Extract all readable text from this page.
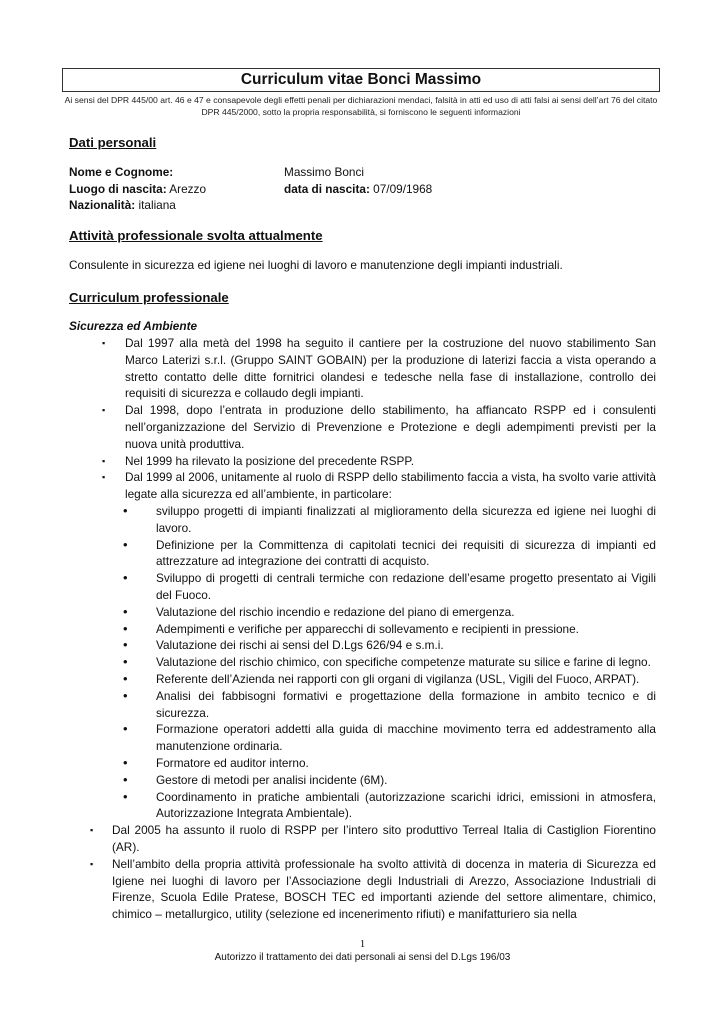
Curriculum vitae Bonci Massimo
Ai sensi del DPR 445/00 art. 46 e 47 e consapevole degli effetti penali per dichiarazioni mendaci, falsità in atti ed uso di atti falsi ai sensi dell’art 76 del citato DPR 445/2000, sotto la propria responsabilità, si forniscono le seguenti informazioni
Dati personali
Nome e Cognome:	Massimo Bonci
Luogo di nascita: Arezzo	data di nascita: 07/09/1968
Nazionalità: italiana
Attività professionale svolta attualmente
Consulente in sicurezza ed igiene nei luoghi di lavoro e manutenzione degli impianti industriali.
Curriculum professionale
Sicurezza ed Ambiente
▪ Dal 1997 alla metà del 1998 ha seguito il cantiere per la costruzione del nuovo stabilimento San Marco Laterizi s.r.l. (Gruppo SAINT GOBAIN) per la produzione di laterizi faccia a vista operando a stretto contatto delle ditte fornitrici olandesi e tedesche nella fase di installazione, controllo dei requisiti di sicurezza e collaudo degli impianti.
▪ Dal 1998, dopo l’entrata in produzione dello stabilimento, ha affiancato RSPP ed i consulenti nell’organizzazione del Servizio di Prevenzione e Protezione e degli adempimenti previsti per la nuova unità produttiva.
▪ Nel 1999 ha rilevato la posizione del precedente RSPP.
▪ Dal 1999 al 2006, unitamente al ruolo di RSPP dello stabilimento faccia a vista, ha svolto varie attività legate alla sicurezza ed all’ambiente, in particolare:
• sviluppo progetti di impianti finalizzati al miglioramento della sicurezza ed igiene nei luoghi di lavoro.
• Definizione per la Committenza di capitolati tecnici dei requisiti di sicurezza di impianti ed attrezzature ad integrazione dei contratti di acquisto.
• Sviluppo di progetti di centrali termiche con redazione dell’esame progetto presentato ai Vigili del Fuoco.
• Valutazione del rischio incendio e redazione del piano di emergenza.
• Adempimenti e verifiche per apparecchi di sollevamento e recipienti in pressione.
• Valutazione dei rischi ai sensi del D.Lgs 626/94 e s.m.i.
• Valutazione del rischio chimico, con specifiche competenze maturate su silice e farine di legno.
• Referente dell’Azienda nei rapporti con gli organi di vigilanza (USL, Vigili del Fuoco, ARPAT).
• Analisi dei fabbisogni formativi e progettazione della formazione in ambito tecnico e di sicurezza.
• Formazione operatori addetti alla guida di macchine movimento terra ed addestramento alla manutenzione ordinaria.
• Formatore ed auditor interno.
• Gestore di metodi per analisi incidente (6M).
• Coordinamento in pratiche ambientali (autorizzazione scarichi idrici, emissioni in atmosfera, Autorizzazione Integrata Ambientale).
▪ Dal 2005 ha assunto il ruolo di RSPP per l’intero sito produttivo Terreal Italia di Castiglion Fiorentino (AR).
▪ Nell’ambito della propria attività professionale ha svolto attività di docenza in materia di Sicurezza ed Igiene nei luoghi di lavoro per l’Associazione degli Industriali di Arezzo, Associazione Industriali di Firenze, Scuola Edile Pratese, BOSCH TEC ed importanti aziende del settore alimentare, chimico, chimico – metallurgico, utility (selezione ed incenerimento rifiuti) e manifatturiero sia nella
1
Autorizzo il trattamento dei dati personali ai sensi del D.Lgs 196/03
